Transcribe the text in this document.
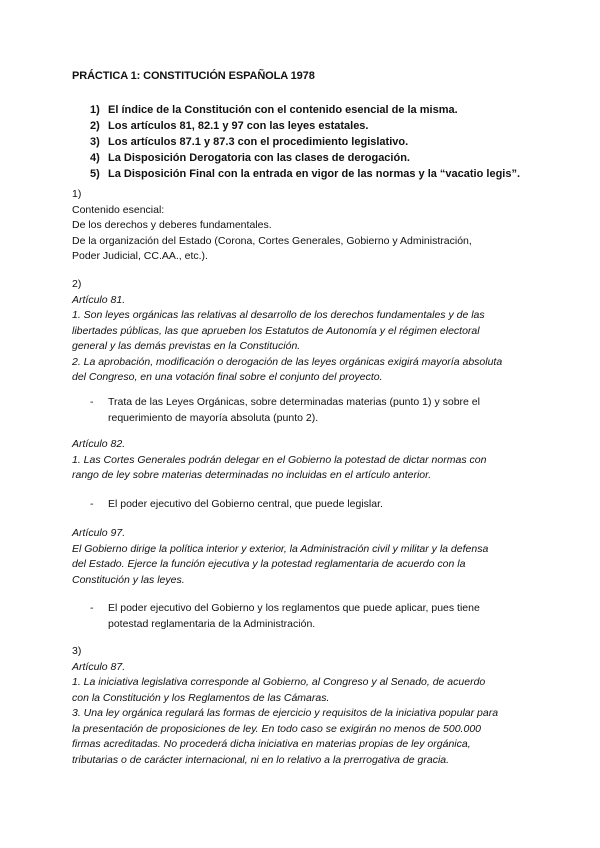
PRÁCTICA 1: CONSTITUCIÓN ESPAÑOLA 1978
1) El índice de la Constitución con el contenido esencial de la misma.
2) Los artículos 81, 82.1 y 97 con las leyes estatales.
3) Los artículos 87.1 y 87.3 con el procedimiento legislativo.
4) La Disposición Derogatoria con las clases de derogación.
5) La Disposición Final con la entrada en vigor de las normas y la “vacatio legis”.

1)

Contenido esencial:

De los derechos y deberes fundamentales.

De la organización del Estado (Corona, Cortes Generales, Gobierno y Administración,

Poder Judicial, CC.AA., etc.).

2)

Artículo 81.

1. Son leyes orgánicas las relativas al desarrollo de los derechos fundamentales y de las

libertades públicas, las que aprueben los Estatutos de Autonomía y el régimen electoral

general y las demás previstas en la Constitución.

2. La aprobación, modificación o derogación de las leyes orgánicas exigirá mayoría absoluta

del Congreso, en una votación final sobre el conjunto del proyecto.

- Trata de las Leyes Orgánicas, sobre determinadas materias (punto 1) y sobre el
requerimiento de mayoría absoluta (punto 2).

Artículo 82.

1. Las Cortes Generales podrán delegar en el Gobierno la potestad de dictar normas con

rango de ley sobre materias determinadas no incluidas en el artículo anterior.

- El poder ejecutivo del Gobierno central, que puede legislar.

Artículo 97.

El Gobierno dirige la política interior y exterior, la Administración civil y militar y la defensa

del Estado. Ejerce la función ejecutiva y la potestad reglamentaria de acuerdo con la

Constitución y las leyes.

- El poder ejecutivo del Gobierno y los reglamentos que puede aplicar, pues tiene
potestad reglamentaria de la Administración.

3)

Artículo 87.

1. La iniciativa legislativa corresponde al Gobierno, al Congreso y al Senado, de acuerdo

con la Constitución y los Reglamentos de las Cámaras.

3. Una ley orgánica regulará las formas de ejercicio y requisitos de la iniciativa popular para

la presentación de proposiciones de ley. En todo caso se exigirán no menos de 500.000

firmas acreditadas. No procederá dicha iniciativa en materias propias de ley orgánica,

tributarias o de carácter internacional, ni en lo relativo a la prerrogativa de gracia.
